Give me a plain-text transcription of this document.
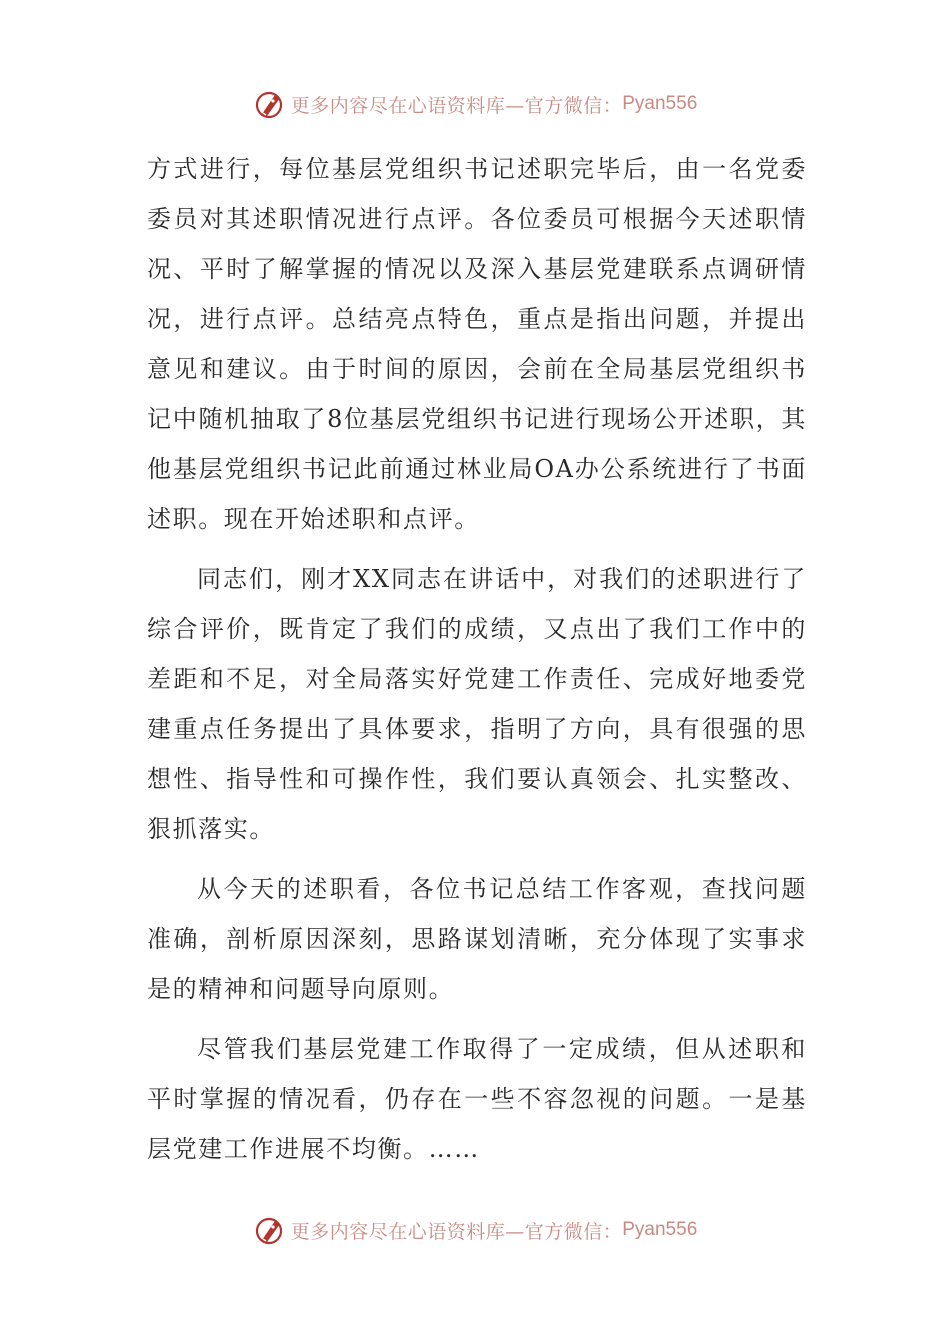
更多内容尽在心语资料库—官方微信： Pyan556

方式进行，每位基层党组织书记述职完毕后，由一名党委委员对其述职情况进行点评。各位委员可根据今天述职情况、平时了解掌握的情况以及深入基层党建联系点调研情况，进行点评。总结亮点特色，重点是指出问题，并提出意见和建议。由于时间的原因，会前在全局基层党组织书记中随机抽取了8位基层党组织书记进行现场公开述职，其他基层党组织书记此前通过林业局OA办公系统进行了书面述职。现在开始述职和点评。

同志们，刚才XX同志在讲话中，对我们的述职进行了综合评价，既肯定了我们的成绩，又点出了我们工作中的差距和不足，对全局落实好党建工作责任、完成好地委党建重点任务提出了具体要求，指明了方向，具有很强的思想性、指导性和可操作性，我们要认真领会、扎实整改、狠抓落实。

从今天的述职看，各位书记总结工作客观，查找问题准确，剖析原因深刻，思路谋划清晰，充分体现了实事求是的精神和问题导向原则。

尽管我们基层党建工作取得了一定成绩，但从述职和平时掌握的情况看，仍存在一些不容忽视的问题。一是基层党建工作进展不均衡。……

更多内容尽在心语资料库—官方微信： Pyan556
